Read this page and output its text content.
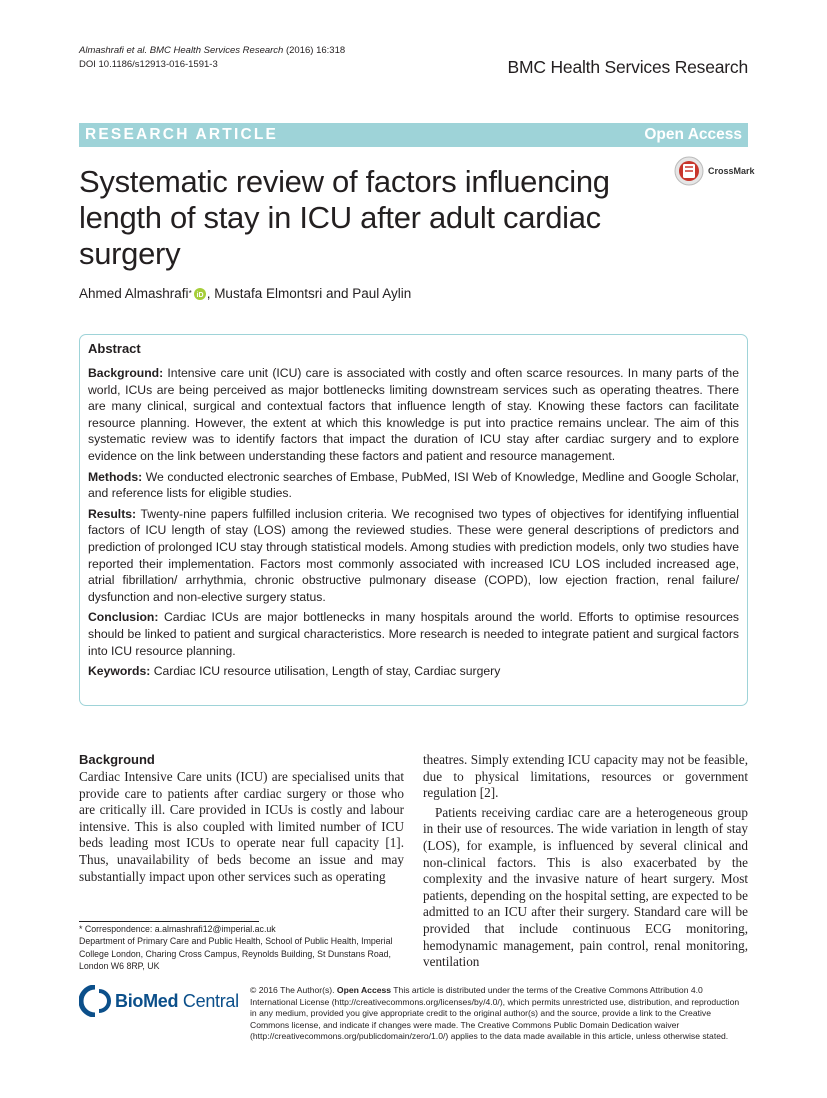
Almashrafi et al. BMC Health Services Research (2016) 16:318
DOI 10.1186/s12913-016-1591-3	BMC Health Services Research
RESEARCH ARTICLE	Open Access
CrossMark
Systematic review of factors influencing length of stay in ICU after adult cardiac surgery
Ahmed Almashrafi * iD , Mustafa Elmontsri and Paul Aylin
Abstract

Background: Intensive care unit (ICU) care is associated with costly and often scarce resources. In many parts of the world, ICUs are being perceived as major bottlenecks limiting downstream services such as operating theatres. There are many clinical, surgical and contextual factors that influence length of stay. Knowing these factors can facilitate resource planning. However, the extent at which this knowledge is put into practice remains unclear. The aim of this systematic review was to identify factors that impact the duration of ICU stay after cardiac surgery and to explore evidence on the link between understanding these factors and patient and resource management.

Methods: We conducted electronic searches of Embase, PubMed, ISI Web of Knowledge, Medline and Google Scholar, and reference lists for eligible studies.

Results: Twenty-nine papers fulfilled inclusion criteria. We recognised two types of objectives for identifying influential factors of ICU length of stay (LOS) among the reviewed studies. These were general descriptions of predictors and prediction of prolonged ICU stay through statistical models. Among studies with prediction models, only two studies have reported their implementation. Factors most commonly associated with increased ICU LOS included increased age, atrial fibrillation/ arrhythmia, chronic obstructive pulmonary disease (COPD), low ejection fraction, renal failure/ dysfunction and non-elective surgery status.

Conclusion: Cardiac ICUs are major bottlenecks in many hospitals around the world. Efforts to optimise resources should be linked to patient and surgical characteristics. More research is needed to integrate patient and surgical factors into ICU resource planning.

Keywords: Cardiac ICU resource utilisation, Length of stay, Cardiac surgery

Background

Cardiac Intensive Care units (ICU) are specialised units that provide care to patients after cardiac surgery or those who are critically ill. Care provided in ICUs is costly and labour intensive. This is also coupled with limited number of ICU beds leading most ICUs to operate near full capacity [1]. Thus, unavailability of beds become an issue and may substantially impact upon other services such as operating

theatres. Simply extending ICU capacity may not be feasible, due to physical limitations, resources or government regulation [2].

Patients receiving cardiac care are a heterogeneous group in their use of resources. The wide variation in length of stay (LOS), for example, is influenced by several clinical and non-clinical factors. This is also exacerbated by the complexity and the invasive nature of heart surgery. Most patients, depending on the hospital setting, are expected to be admitted to an ICU after their surgery. Standard care will be provided that include continuous ECG monitoring, hemodynamic management, pain control, renal monitoring, ventilation

* Correspondence: a.almashrafi12@imperial.ac.uk
Department of Primary Care and Public Health, School of Public Health, Imperial College London, Charing Cross Campus, Reynolds Building, St Dunstans Road, London W6 8RP, UK
BioMed Central
© 2016 The Author(s). Open Access This article is distributed under the terms of the Creative Commons Attribution 4.0 International License (http://creativecommons.org/licenses/by/4.0/), which permits unrestricted use, distribution, and reproduction in any medium, provided you give appropriate credit to the original author(s) and the source, provide a link to the Creative Commons license, and indicate if changes were made. The Creative Commons Public Domain Dedication waiver (http://creativecommons.org/publicdomain/zero/1.0/) applies to the data made available in this article, unless otherwise stated.
